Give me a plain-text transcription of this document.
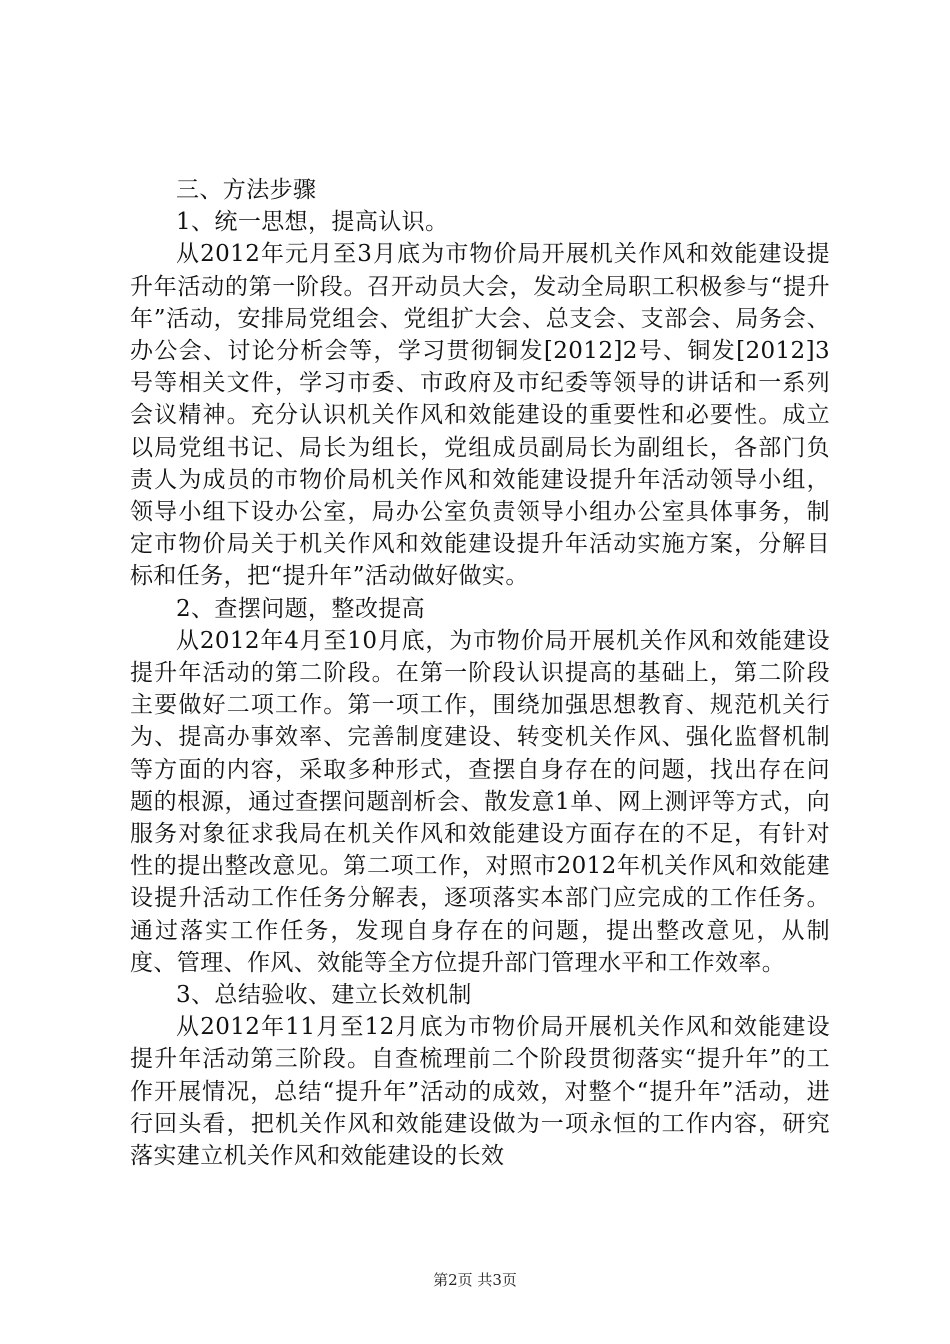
三、方法步骤

1、统一思想，提高认识。

从2012年元月至3月底为市物价局开展机关作风和效能建设提升年活动的第一阶段。召开动员大会，发动全局职工积极参与“提升年”活动，安排局党组会、党组扩大会、总支会、支部会、局务会、办公会、讨论分析会等，学习贯彻铜发[2012]2号、铜发[2012]3号等相关文件，学习市委、市政府及市纪委等领导的讲话和一系列会议精神。充分认识机关作风和效能建设的重要性和必要性。成立以局党组书记、局长为组长，党组成员副局长为副组长，各部门负责人为成员的市物价局机关作风和效能建设提升年活动领导小组，领导小组下设办公室，局办公室负责领导小组办公室具体事务，制定市物价局关于机关作风和效能建设提升年活动实施方案，分解目标和任务，把“提升年”活动做好做实。

2、查摆问题，整改提高

从2012年4月至10月底，为市物价局开展机关作风和效能建设提升年活动的第二阶段。在第一阶段认识提高的基础上，第二阶段主要做好二项工作。第一项工作，围绕加强思想教育、规范机关行为、提高办事效率、完善制度建设、转变机关作风、强化监督机制等方面的内容，采取多种形式，查摆自身存在的问题，找出存在问题的根源，通过查摆问题剖析会、散发意1单、网上测评等方式，向服务对象征求我局在机关作风和效能建设方面存在的不足，有针对性的提出整改意见。第二项工作，对照市2012年机关作风和效能建设提升活动工作任务分解表，逐项落实本部门应完成的工作任务。通过落实工作任务，发现自身存在的问题，提出整改意见，从制度、管理、作风、效能等全方位提升部门管理水平和工作效率。

3、总结验收、建立长效机制

从2012年11月至12月底为市物价局开展机关作风和效能建设提升年活动第三阶段。自查梳理前二个阶段贯彻落实“提升年”的工作开展情况，总结“提升年”活动的成效，对整个“提升年”活动，进行回头看，把机关作风和效能建设做为一项永恒的工作内容，研究落实建立机关作风和效能建设的长效

第2页 共3页
